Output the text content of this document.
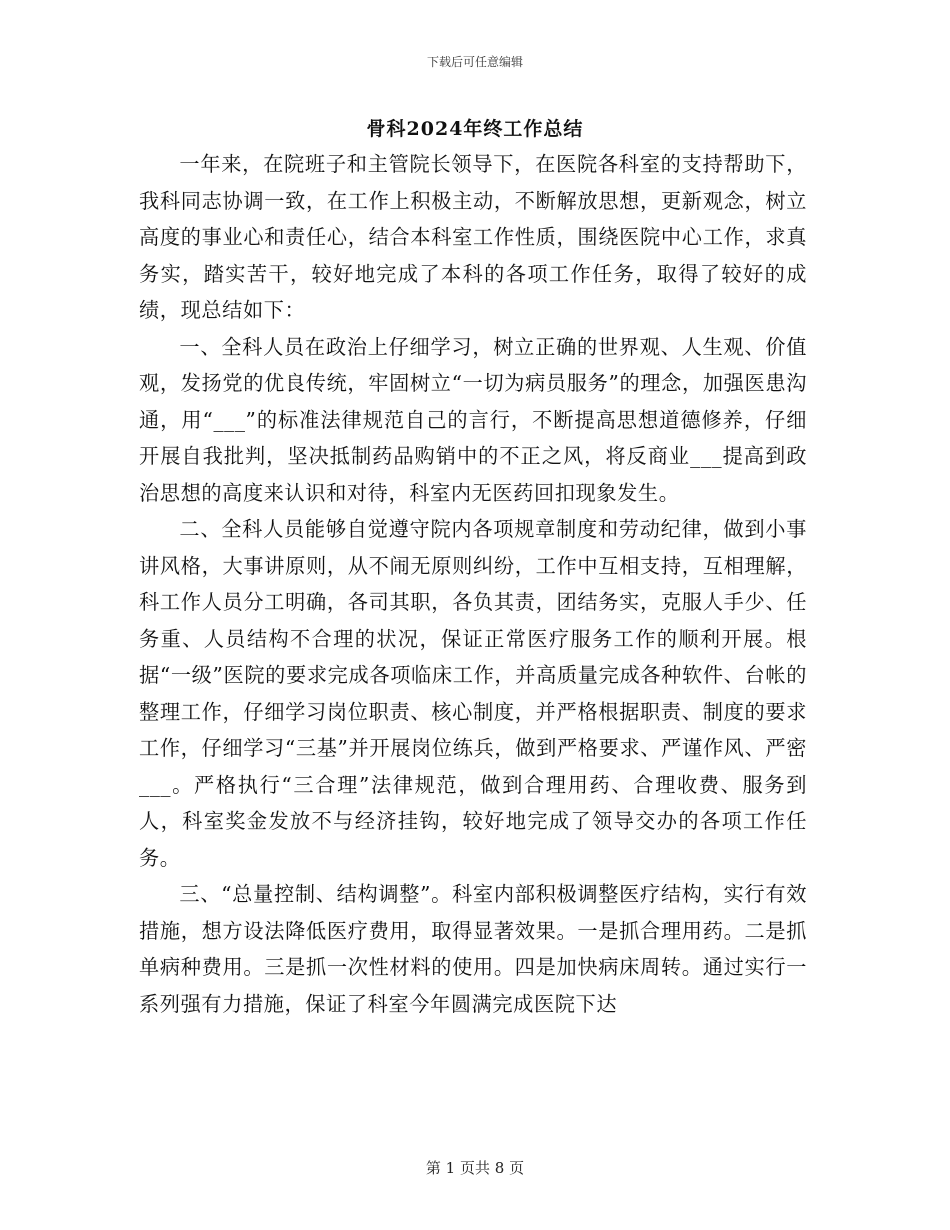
下载后可任意编辑
骨科2024年终工作总结

一年来，在院班子和主管院长领导下，在医院各科室的支持帮助下，我科同志协调一致，在工作上积极主动，不断解放思想，更新观念，树立高度的事业心和责任心，结合本科室工作性质，围绕医院中心工作，求真务实，踏实苦干，较好地完成了本科的各项工作任务，取得了较好的成绩，现总结如下：

一、全科人员在政治上仔细学习，树立正确的世界观、人生观、价值观，发扬党的优良传统，牢固树立“一切为病员服务”的理念，加强医患沟通，用“___”的标准法律规范自己的言行，不断提高思想道德修养，仔细开展自我批判，坚决抵制药品购销中的不正之风，将反商业___提高到政治思想的高度来认识和对待，科室内无医药回扣现象发生。

二、全科人员能够自觉遵守院内各项规章制度和劳动纪律，做到小事讲风格，大事讲原则，从不闹无原则纠纷，工作中互相支持，互相理解，科工作人员分工明确，各司其职，各负其责，团结务实，克服人手少、任务重、人员结构不合理的状况，保证正常医疗服务工作的顺利开展。根据“一级”医院的要求完成各项临床工作，并高质量完成各种软件、台帐的整理工作，仔细学习岗位职责、核心制度，并严格根据职责、制度的要求工作，仔细学习“三基”并开展岗位练兵，做到严格要求、严谨作风、严密___。严格执行“三合理”法律规范，做到合理用药、合理收费、服务到人，科室奖金发放不与经济挂钩，较好地完成了领导交办的各项工作任务。

三、“总量控制、结构调整”。科室内部积极调整医疗结构，实行有效措施，想方设法降低医疗费用，取得显著效果。一是抓合理用药。二是抓单病种费用。三是抓一次性材料的使用。四是加快病床周转。通过实行一系列强有力措施，保证了科室今年圆满完成医院下达

第 1 页共 8 页
